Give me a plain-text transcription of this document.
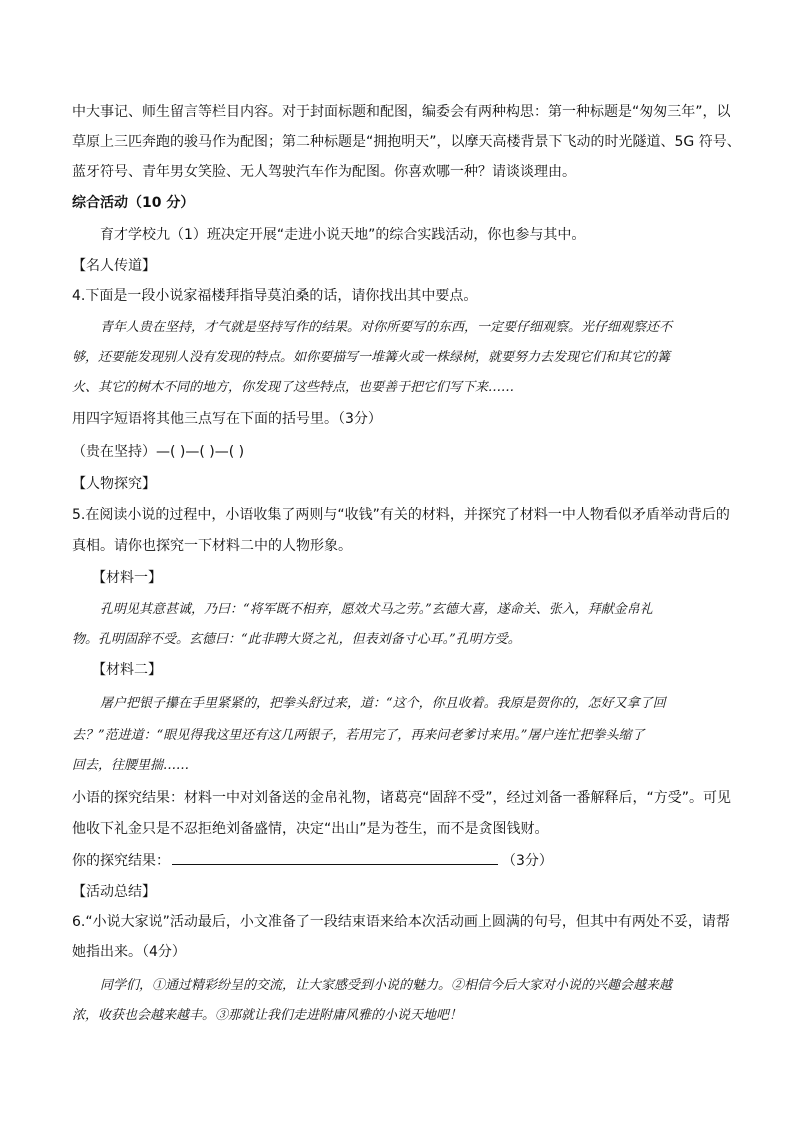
中大事记、师生留言等栏目内容。对于封面标题和配图，编委会有两种构思：第一种标题是“匆匆三年”，以
草原上三匹奔跑的骏马作为配图；第二种标题是“拥抱明天”，以摩天高楼背景下飞动的时光隧道、5G 符号、
蓝牙符号、青年男女笑脸、无人驾驶汽车作为配图。你喜欢哪一种？请谈谈理由。
综合活动（10 分）
育才学校九（1）班决定开展“走进小说天地”的综合实践活动，你也参与其中。
【名人传道】
4.下面是一段小说家福楼拜指导莫泊桑的话，请你找出其中要点。
青年人贵在坚持，才气就是坚持写作的结果。对你所要写的东西，一定要仔细观察。光仔细观察还不
够，还要能发现别人没有发现的特点。如你要描写一堆篝火或一株绿树，就要努力去发现它们和其它的篝
火、其它的树木不同的地方，你发现了这些特点，也要善于把它们写下来……
用四字短语将其他三点写在下面的括号里。（3分）
（贵在坚持）—( )—( )—( )
【人物探究】
5.在阅读小说的过程中，小语收集了两则与“收钱”有关的材料，并探究了材料一中人物看似矛盾举动背后的
真相。请你也探究一下材料二中的人物形象。
【材料一】
孔明见其意甚诚，乃曰：“将军既不相弃，愿效犬马之劳。”玄德大喜，遂命关、张入，拜献金帛礼
物。孔明固辞不受。玄德曰：“此非聘大贤之礼，但表刘备寸心耳。”孔明方受。
【材料二】
屠户把银子攥在手里紧紧的，把拳头舒过来，道：“这个，你且收着。我原是贺你的，怎好又拿了回
去？”范进道：“眼见得我这里还有这几两银子，若用完了，再来问老爹讨来用。”屠户连忙把拳头缩了
回去，往腰里揣……
小语的探究结果：材料一中对刘备送的金帛礼物，诸葛亮“固辞不受”，经过刘备一番解释后，“方受”。可见
他收下礼金只是不忍拒绝刘备盛情，决定“出山”是为苍生，而不是贪图钱财。
你的探究结果：	（3分）
【活动总结】
6.“小说大家说”活动最后，小文准备了一段结束语来给本次活动画上圆满的句号，但其中有两处不妥，请帮
她指出来。（4分）
同学们，①通过精彩纷呈的交流，让大家感受到小说的魅力。②相信今后大家对小说的兴趣会越来越
浓，收获也会越来越丰。③那就让我们走进附庸风雅的小说天地吧！
